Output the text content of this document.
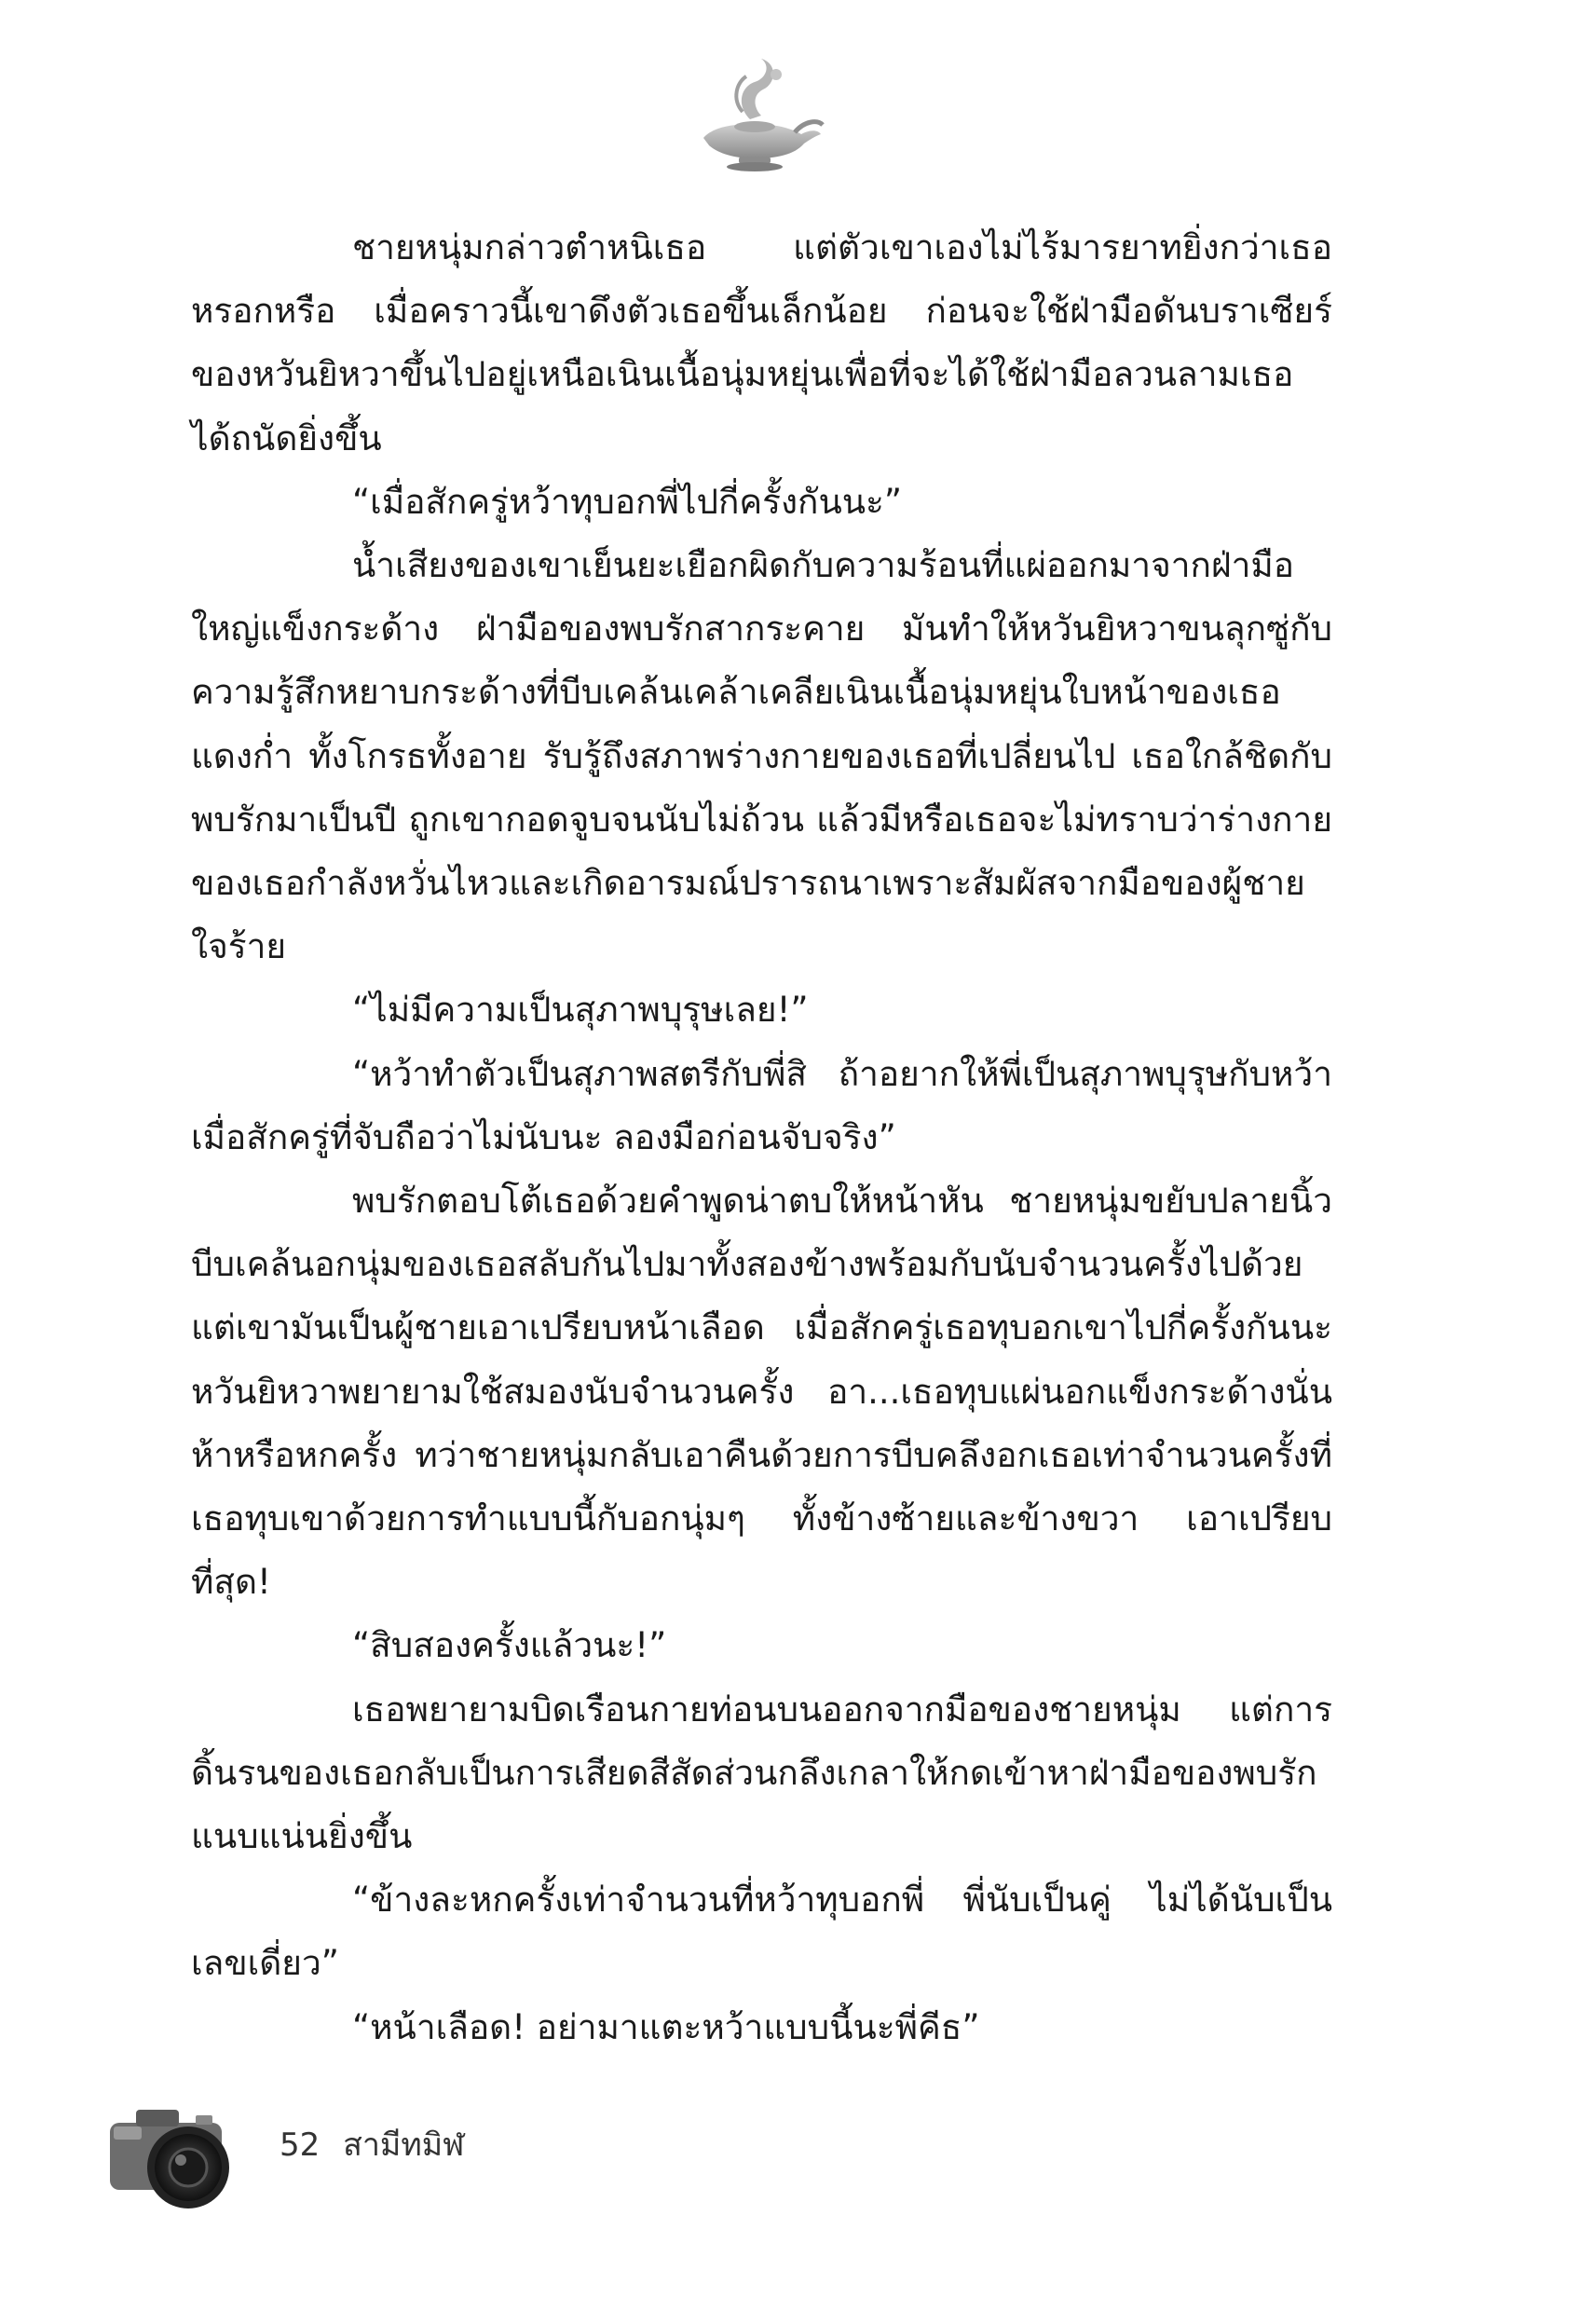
ชายหนุ่มกล่าวตำหนิเธอ แต่ตัวเขาเองไม่ไร้มารยาทยิ่งกว่าเธอหรอกหรือ เมื่อคราวนี้เขาดึงตัวเธอขึ้นเล็กน้อย ก่อนจะใช้ฝ่ามือดันบราเซียร์ของหวันยิหวาขึ้นไปอยู่เหนือเนินเนื้อนุ่มหยุ่นเพื่อที่จะได้ใช้ฝ่ามือลวนลามเธอได้ถนัดยิ่งขึ้น

“เมื่อสักครู่หว้าทุบอกพี่ไปกี่ครั้งกันนะ”

น้ำเสียงของเขาเย็นยะเยือกผิดกับความร้อนที่แผ่ออกมาจากฝ่ามือใหญ่แข็งกระด้าง ฝ่ามือของพบรักสากระคาย มันทำให้หวันยิหวาขนลุกซู่กับความรู้สึกหยาบกระด้างที่บีบเคล้นเคล้าเคลียเนินเนื้อนุ่มหยุ่นใบหน้าของเธอแดงก่ำ ทั้งโกรธทั้งอาย รับรู้ถึงสภาพร่างกายของเธอที่เปลี่ยนไป เธอใกล้ชิดกับพบรักมาเป็นปี ถูกเขากอดจูบจนนับไม่ถ้วน แล้วมีหรือเธอจะไม่ทราบว่าร่างกายของเธอกำลังหวั่นไหวและเกิดอารมณ์ปรารถนาเพราะสัมผัสจากมือของผู้ชายใจร้าย

“ไม่มีความเป็นสุภาพบุรุษเลย!”

“หว้าทำตัวเป็นสุภาพสตรีกับพี่สิ ถ้าอยากให้พี่เป็นสุภาพบุรุษกับหว้า เมื่อสักครู่ที่จับถือว่าไม่นับนะ ลองมือก่อนจับจริง”

พบรักตอบโต้เธอด้วยคำพูดน่าตบให้หน้าหัน ชายหนุ่มขยับปลายนิ้วบีบเคล้นอกนุ่มของเธอสลับกันไปมาทั้งสองข้างพร้อมกับนับจำนวนครั้งไปด้วย แต่เขามันเป็นผู้ชายเอาเปรียบหน้าเลือด เมื่อสักครู่เธอทุบอกเขาไปกี่ครั้งกันนะ หวันยิหวาพยายามใช้สมองนับจำนวนครั้ง อา...เธอทุบแผ่นอกแข็งกระด้างนั่นห้าหรือหกครั้ง ทว่าชายหนุ่มกลับเอาคืนด้วยการบีบคลึงอกเธอเท่าจำนวนครั้งที่เธอทุบเขาด้วยการทำแบบนี้กับอกนุ่มๆ ทั้งข้างซ้ายและข้างขวา เอาเปรียบที่สุด!

“สิบสองครั้งแล้วนะ!”

เธอพยายามบิดเรือนกายท่อนบนออกจากมือของชายหนุ่ม แต่การดิ้นรนของเธอกลับเป็นการเสียดสีสัดส่วนกลึงเกลาให้กดเข้าหาฝ่ามือของพบรักแนบแน่นยิ่งขึ้น

“ข้างละหกครั้งเท่าจำนวนที่หว้าทุบอกพี่ พี่นับเป็นคู่ ไม่ได้นับเป็นเลขเดี่ยว”

“หน้าเลือด! อย่ามาแตะหว้าแบบนี้นะพี่คีธ”

52 สามีทมิฬ
